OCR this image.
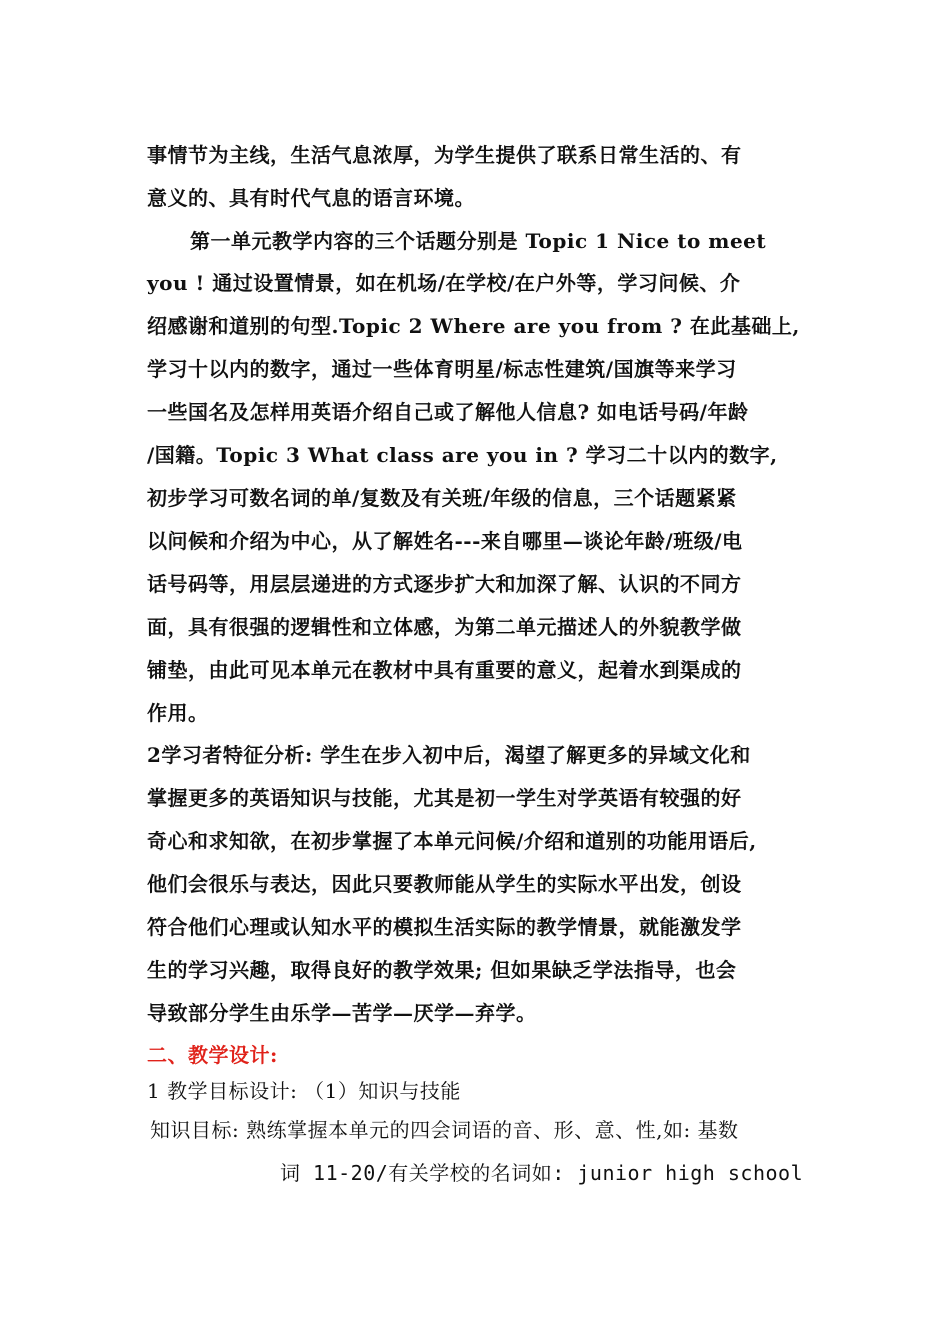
事情节为主线，生活气息浓厚，为学生提供了联系日常生活的、有
意义的、具有时代气息的语言环境。
第一单元教学内容的三个话题分别是 Topic 1 Nice to meet
you ! 通过设置情景，如在机场/在学校/在户外等，学习问候、介
绍感谢和道别的句型.Topic 2 Where are you from ? 在此基础上,
学习十以内的数字，通过一些体育明星/标志性建筑/国旗等来学习
一些国名及怎样用英语介绍自己或了解他人信息? 如电话号码/年龄
/国籍。Topic 3 What class are you in ? 学习二十以内的数字,
初步学习可数名词的单/复数及有关班/年级的信息，三个话题紧紧
以问候和介绍为中心，从了解姓名---来自哪里—谈论年龄/班级/电
话号码等，用层层递进的方式逐步扩大和加深了解、认识的不同方
面，具有很强的逻辑性和立体感，为第二单元描述人的外貌教学做
铺垫，由此可见本单元在教材中具有重要的意义，起着水到渠成的
作用。
2学习者特征分析: 学生在步入初中后，渴望了解更多的异域文化和
掌握更多的英语知识与技能，尤其是初一学生对学英语有较强的好
奇心和求知欲，在初步掌握了本单元问候/介绍和道别的功能用语后,
他们会很乐与表达，因此只要教师能从学生的实际水平出发，创设
符合他们心理或认知水平的模拟生活实际的教学情景，就能激发学
生的学习兴趣，取得良好的教学效果; 但如果缺乏学法指导，也会
导致部分学生由乐学—苦学—厌学—弃学。
二、教学设计:
1 教学目标设计: （1）知识与技能
知识目标: 熟练掌握本单元的四会词语的音、形、意、性,如: 基数
词 11-20/有关学校的名词如: junior high school
